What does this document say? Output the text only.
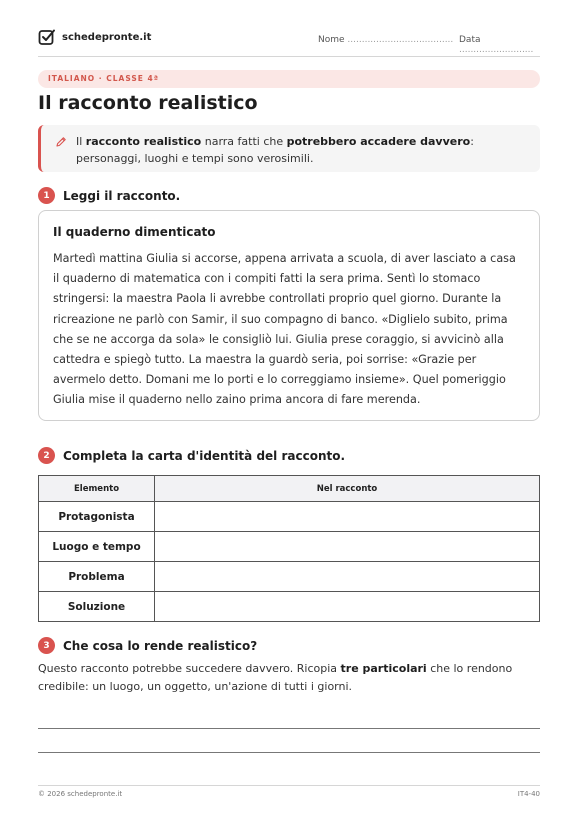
schedepronte.it	Nome ..................................... Data ..........................
ITALIANO · CLASSE 4ª
Il racconto realistico
Il racconto realistico narra fatti che potrebbero accadere davvero: personaggi, luoghi e tempi sono verosimili.
1	Leggi il racconto.
Il quaderno dimenticato

Martedì mattina Giulia si accorse, appena arrivata a scuola, di aver lasciato a casa il quaderno di matematica con i compiti fatti la sera prima. Sentì lo stomaco stringersi: la maestra Paola li avrebbe controllati proprio quel giorno. Durante la ricreazione ne parlò con Samir, il suo compagno di banco. «Diglielo subito, prima che se ne accorga da sola» le consigliò lui. Giulia prese coraggio, si avvicinò alla cattedra e spiegò tutto. La maestra la guardò seria, poi sorrise: «Grazie per avermelo detto. Domani me lo porti e lo correggiamo insieme». Quel pomeriggio Giulia mise il quaderno nello zaino prima ancora di fare merenda.

2	Completa la carta d'identità del racconto.
Elemento	Nel racconto
Protagonista	
Luogo e tempo	
Problema	
Soluzione	
3	Che cosa lo rende realistico?

Questo racconto potrebbe succedere davvero. Ricopia tre particolari che lo rendono credibile: un luogo, un oggetto, un'azione di tutti i giorni.

© 2026 schedepronte.it	IT4-40
